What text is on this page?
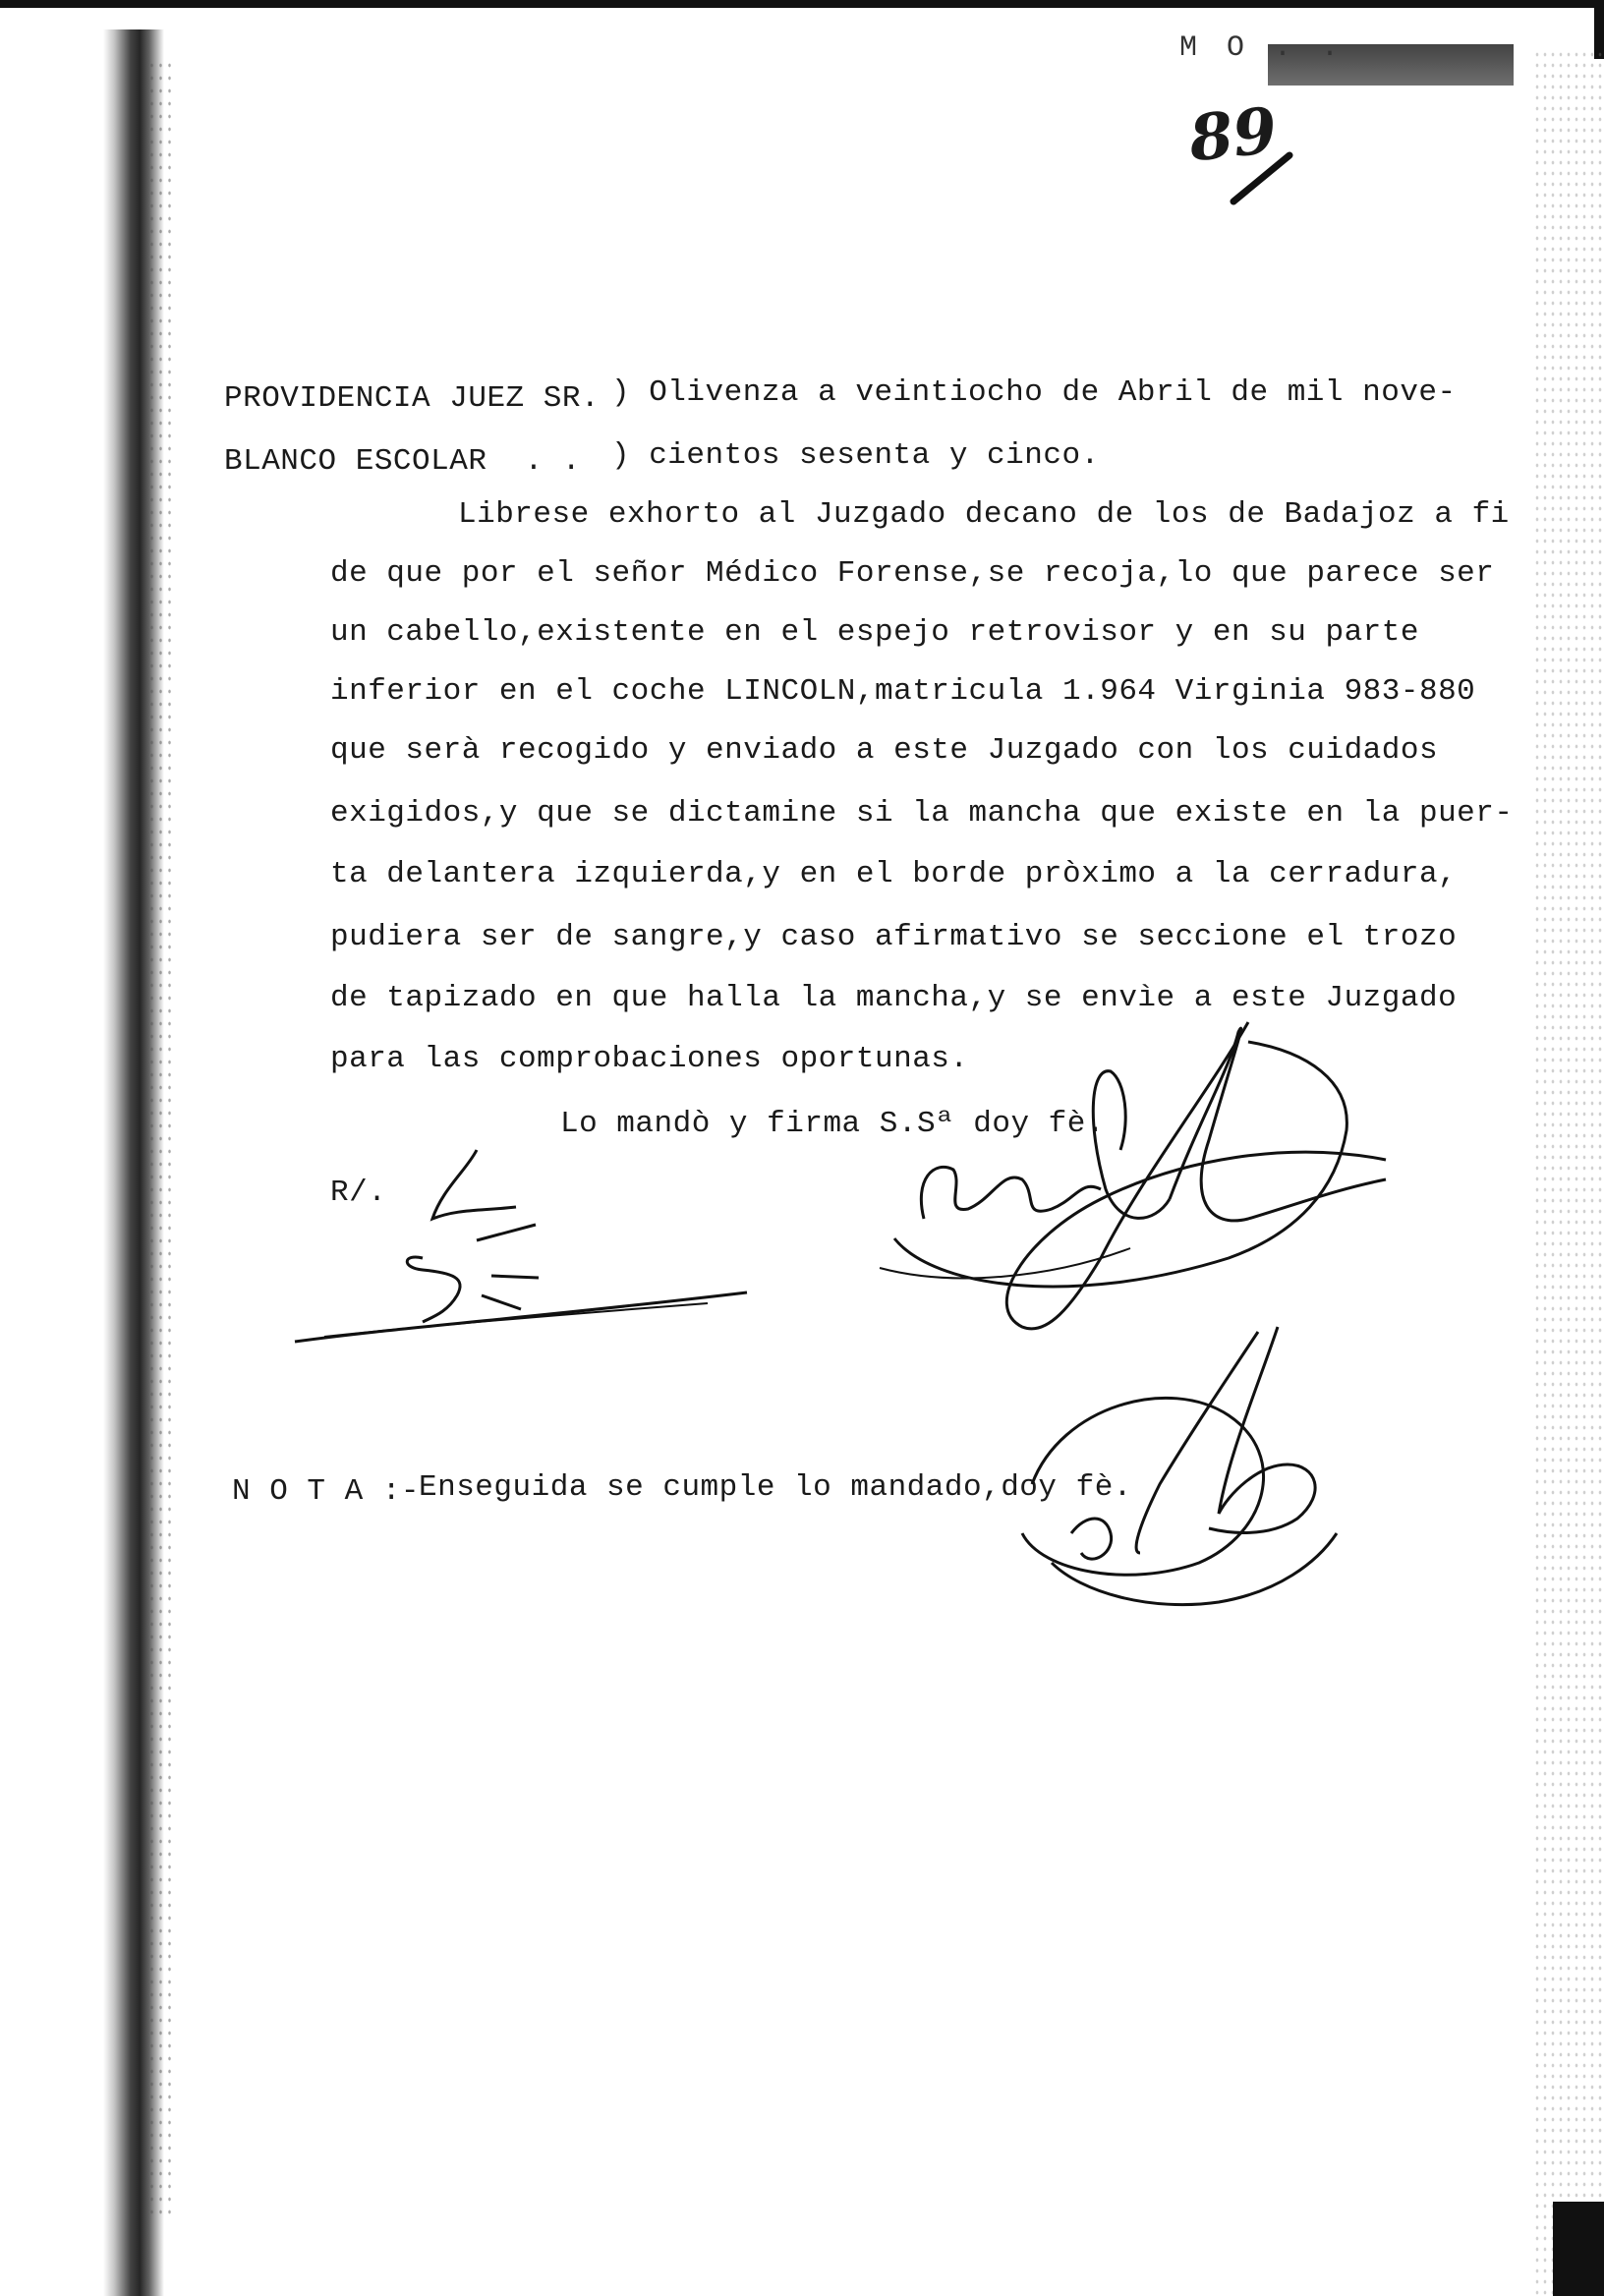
M O . .
89
PROVIDENCIA JUEZ SR.
BLANCO ESCOLAR  . .
) Olivenza a veintiocho de Abril de mil nove-
) cientos sesenta y cinco.
Librese exhorto al Juzgado decano de los de Badajoz a fi
de que por el señor Médico Forense,se recoja,lo que parece ser
un cabello,existente en el espejo retrovisor y en su parte
inferior en el coche LINCOLN,matricula 1.964 Virginia 983-880
que serà recogido y enviado a este Juzgado con los cuidados
exigidos,y que se dictamine si la mancha que existe en la puer-
ta delantera izquierda,y en el borde pròximo a la cerradura,
pudiera ser de sangre,y caso afirmativo se seccione el trozo
de tapizado en que halla la mancha,y se envìe a este Juzgado
para las comprobaciones oportunas.
Lo mandò y firma S.Sª doy fè.
R/.
N O T A :-
Enseguida se cumple lo mandado,doy fè.
